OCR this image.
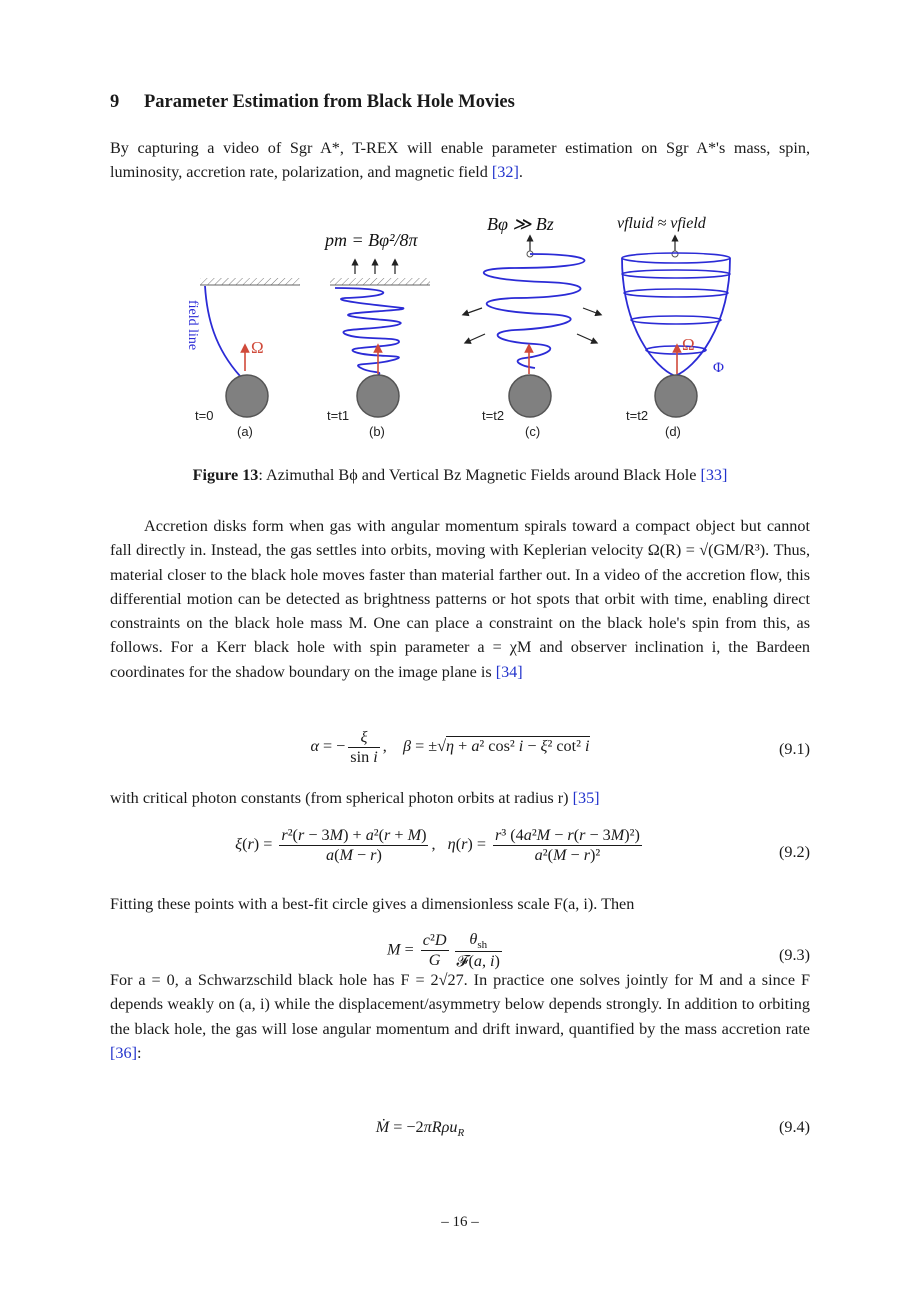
9 Parameter Estimation from Black Hole Movies

By capturing a video of Sgr A*, T-REX will enable parameter estimation on Sgr A*'s mass, spin, luminosity, accretion rate, polarization, and magnetic field [32].

field line	Ω
t=0
(a)
pm = Bφ²/8π
t=t1
(b)
Bφ ≫ Bz
t=t2
(c)
vfluid ≈ vfield
Ω
Φ
t=t2
(d)
Figure 13: Azimuthal Bϕ and Vertical Bz Magnetic Fields around Black Hole [33]

Accretion disks form when gas with angular momentum spirals toward a compact object but cannot fall directly in. Instead, the gas settles into orbits, moving with Keplerian velocity Ω(R) = √(GM/R³). Thus, material closer to the black hole moves faster than material farther out. In a video of the accretion flow, this differential motion can be detected as brightness patterns or hot spots that orbit with time, enabling direct constraints on the black hole mass M. One can place a constraint on the black hole's spin from this, as follows. For a Kerr black hole with spin parameter a = χM and observer inclination i, the Bardeen coordinates for the shadow boundary on the image plane is [34]

α = − $\frac{\xi}{\text{sin i}}$ ,    β = ±√η + a² cos² i − ξ² cot² i	(9.1)

with critical photon constants (from spherical photon orbits at radius r) [35]

$\xi(r) = \frac{\text{r²(r − 3M) + a²(r + M)}}{a(M - r)}$ ,   $\eta(r) = \frac{\text{r³ (4a²M − r(r − 3M)²)}}{\text{a²(M − r)²}}$	(9.2)

Fitting these points with a best-fit circle gives a dimensionless scale F(a, i). Then

$M = \frac{\text{c²D}}{G} \frac{\theta_{sh}}{\text{𝓕(a, i)}}$	(9.3)

For a = 0, a Schwarzschild black hole has F = 2√27. In practice one solves jointly for M and a since F depends weakly on (a, i) while the displacement/asymmetry below depends strongly. In addition to orbiting the black hole, the gas will lose angular momentum and drift inward, quantified by the mass accretion rate [36]:

Ṁ = −2πRρu$_R$	(9.4)
– 16 –
